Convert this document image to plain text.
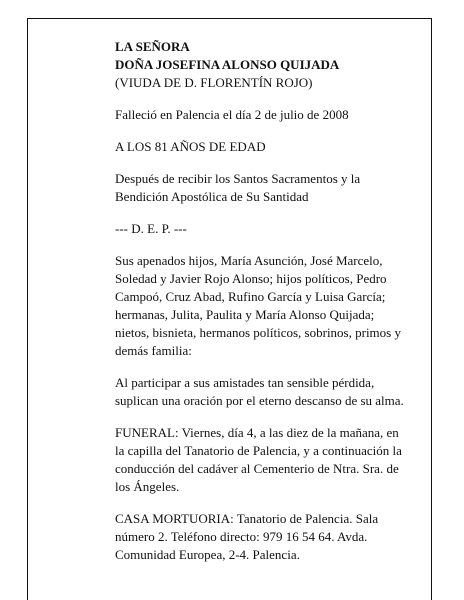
LA SEÑORA
DOÑA JOSEFINA ALONSO QUIJADA
(VIUDA DE D. FLORENTÍN ROJO)

Falleció en Palencia el día 2 de julio de 2008

A LOS 81 AÑOS DE EDAD

Después de recibir los Santos Sacramentos y la
Bendición Apostólica de Su Santidad

--- D. E. P. ---

Sus apenados hijos, María Asunción, José Marcelo,
Soledad y Javier Rojo Alonso; hijos políticos, Pedro
Campoó, Cruz Abad, Rufino García y Luisa García;
hermanas, Julita, Paulita y María Alonso Quijada;
nietos, bisnieta, hermanos políticos, sobrinos, primos y
demás familia:

Al participar a sus amistades tan sensible pérdida,
suplican una oración por el eterno descanso de su alma.

FUNERAL: Viernes, día 4, a las diez de la mañana, en
la capilla del Tanatorio de Palencia, y a continuación la
conducción del cadáver al Cementerio de Ntra. Sra. de
los Ángeles.

CASA MORTUORIA: Tanatorio de Palencia. Sala
número 2. Teléfono directo: 979 16 54 64. Avda.
Comunidad Europea, 2-4. Palencia.
